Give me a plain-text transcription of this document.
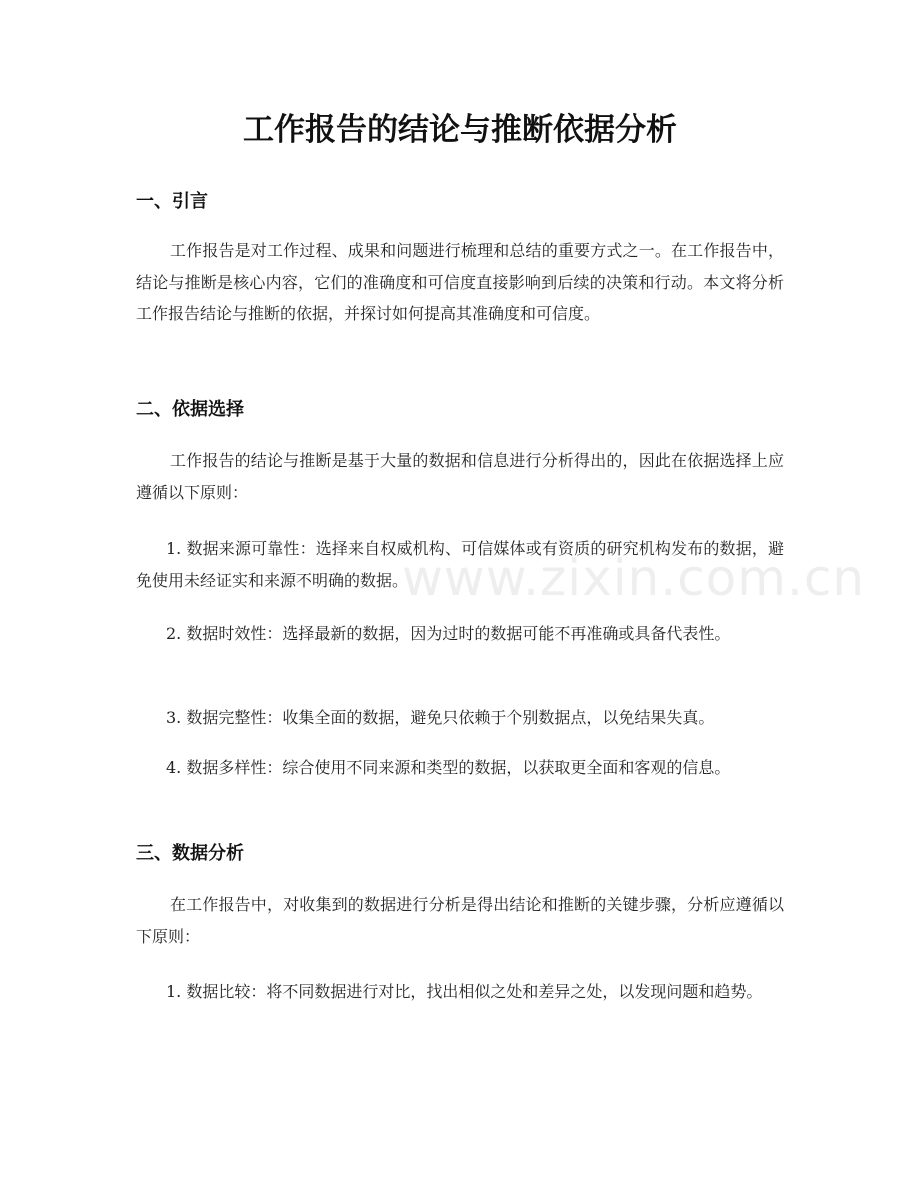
工作报告的结论与推断依据分析
一、引言

工作报告是对工作过程、成果和问题进行梳理和总结的重要方式之一。在工作报告中，结论与推断是核心内容，它们的准确度和可信度直接影响到后续的决策和行动。本文将分析工作报告结论与推断的依据，并探讨如何提高其准确度和可信度。

二、依据选择

工作报告的结论与推断是基于大量的数据和信息进行分析得出的，因此在依据选择上应遵循以下原则：

1. 数据来源可靠性：选择来自权威机构、可信媒体或有资质的研究机构发布的数据，避免使用未经证实和来源不明确的数据。

2. 数据时效性：选择最新的数据，因为过时的数据可能不再准确或具备代表性。

3. 数据完整性：收集全面的数据，避免只依赖于个别数据点，以免结果失真。

4. 数据多样性：综合使用不同来源和类型的数据，以获取更全面和客观的信息。

三、数据分析

在工作报告中，对收集到的数据进行分析是得出结论和推断的关键步骤，分析应遵循以下原则：

1. 数据比较：将不同数据进行对比，找出相似之处和差异之处，以发现问题和趋势。

www.zixin.com.cn
